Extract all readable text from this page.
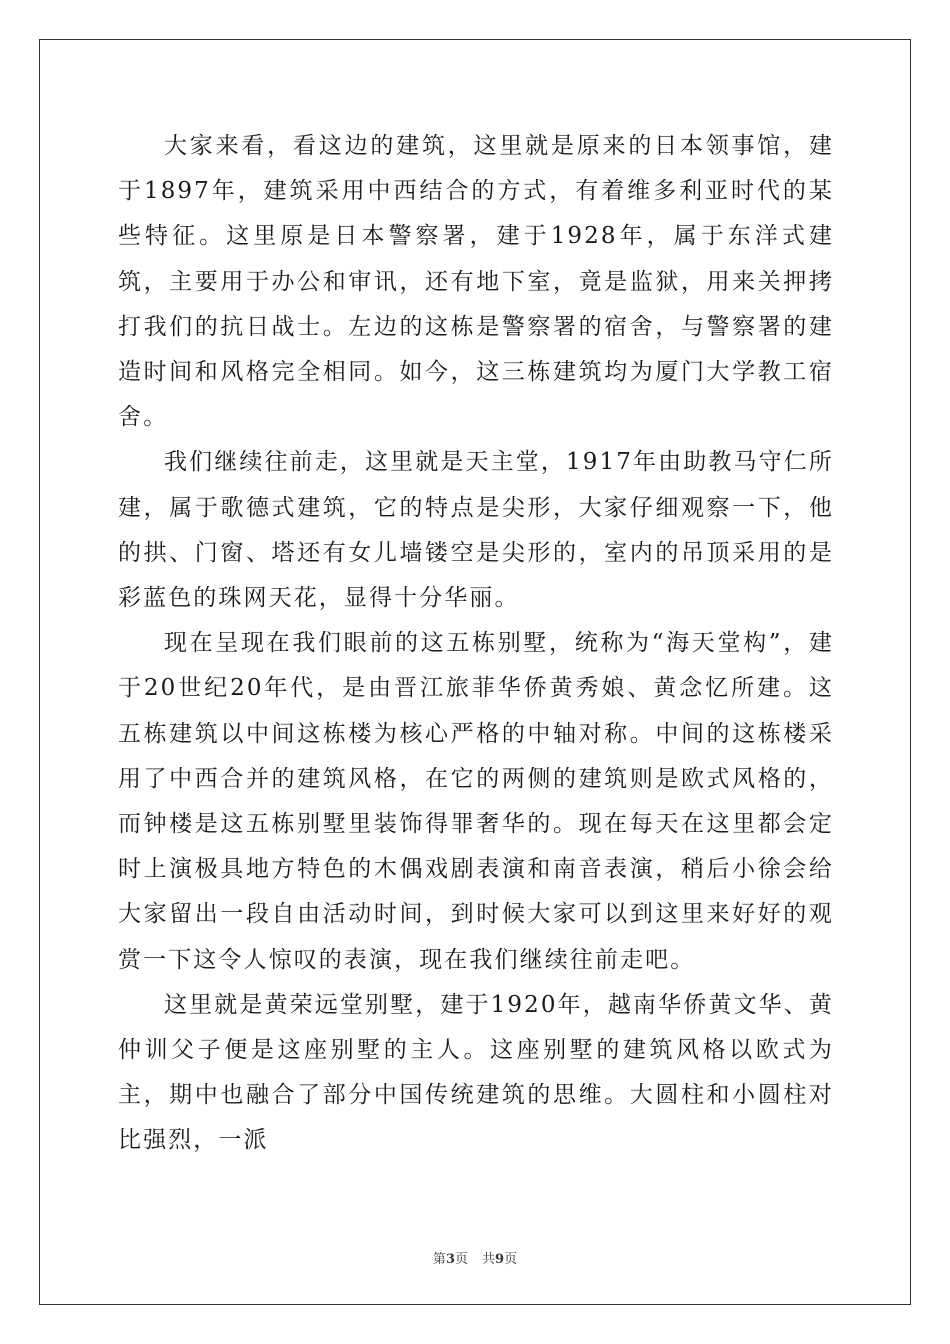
大家来看，看这边的建筑，这里就是原来的日本领事馆，建于1897年，建筑采用中西结合的方式，有着维多利亚时代的某些特征。这里原是日本警察署，建于1928年，属于东洋式建筑，主要用于办公和审讯，还有地下室，竟是监狱，用来关押拷打我们的抗日战士。左边的这栋是警察署的宿舍，与警察署的建造时间和风格完全相同。如今，这三栋建筑均为厦门大学教工宿舍。

我们继续往前走，这里就是天主堂，1917年由助教马守仁所建，属于歌德式建筑，它的特点是尖形，大家仔细观察一下，他的拱、门窗、塔还有女儿墙镂空是尖形的，室内的吊顶采用的是彩蓝色的珠网天花，显得十分华丽。

现在呈现在我们眼前的这五栋别墅，统称为“海天堂构”，建于20世纪20年代，是由晋江旅菲华侨黄秀娘、黄念忆所建。这五栋建筑以中间这栋楼为核心严格的中轴对称。中间的这栋楼采用了中西合并的建筑风格，在它的两侧的建筑则是欧式风格的，而钟楼是这五栋别墅里装饰得罪奢华的。现在每天在这里都会定时上演极具地方特色的木偶戏剧表演和南音表演，稍后小徐会给大家留出一段自由活动时间，到时候大家可以到这里来好好的观赏一下这令人惊叹的表演，现在我们继续往前走吧。

这里就是黄荣远堂别墅，建于1920年，越南华侨黄文华、黄仲训父子便是这座别墅的主人。这座别墅的建筑风格以欧式为主，期中也融合了部分中国传统建筑的思维。大圆柱和小圆柱对比强烈，一派

第3页 共9页
